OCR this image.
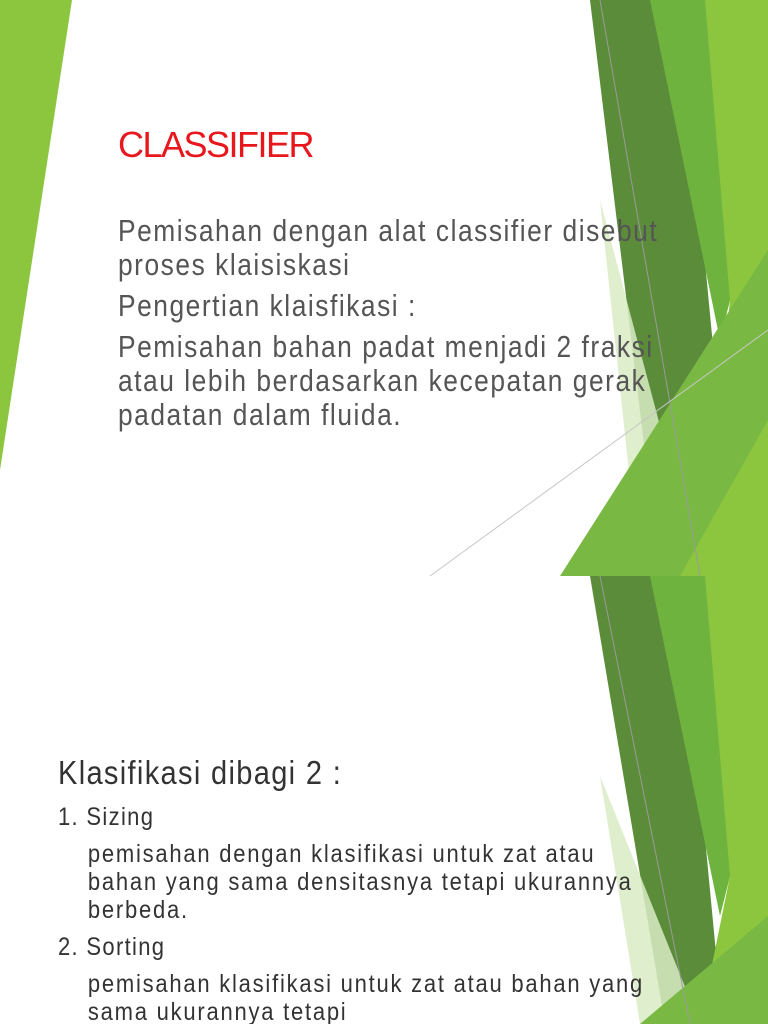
CLASSIFIER

Pemisahan dengan alat classifier disebut proses klaisiskasi

Pengertian klaisfikasi :

Pemisahan bahan padat menjadi 2 fraksi atau lebih berdasarkan kecepatan gerak padatan dalam fluida.

Klasifikasi dibagi 2 :

1. Sizing

pemisahan dengan klasifikasi untuk zat atau bahan yang sama densitasnya tetapi ukurannya berbeda.

2. Sorting

pemisahan klasifikasi untuk zat atau bahan yang sama ukurannya tetapi
